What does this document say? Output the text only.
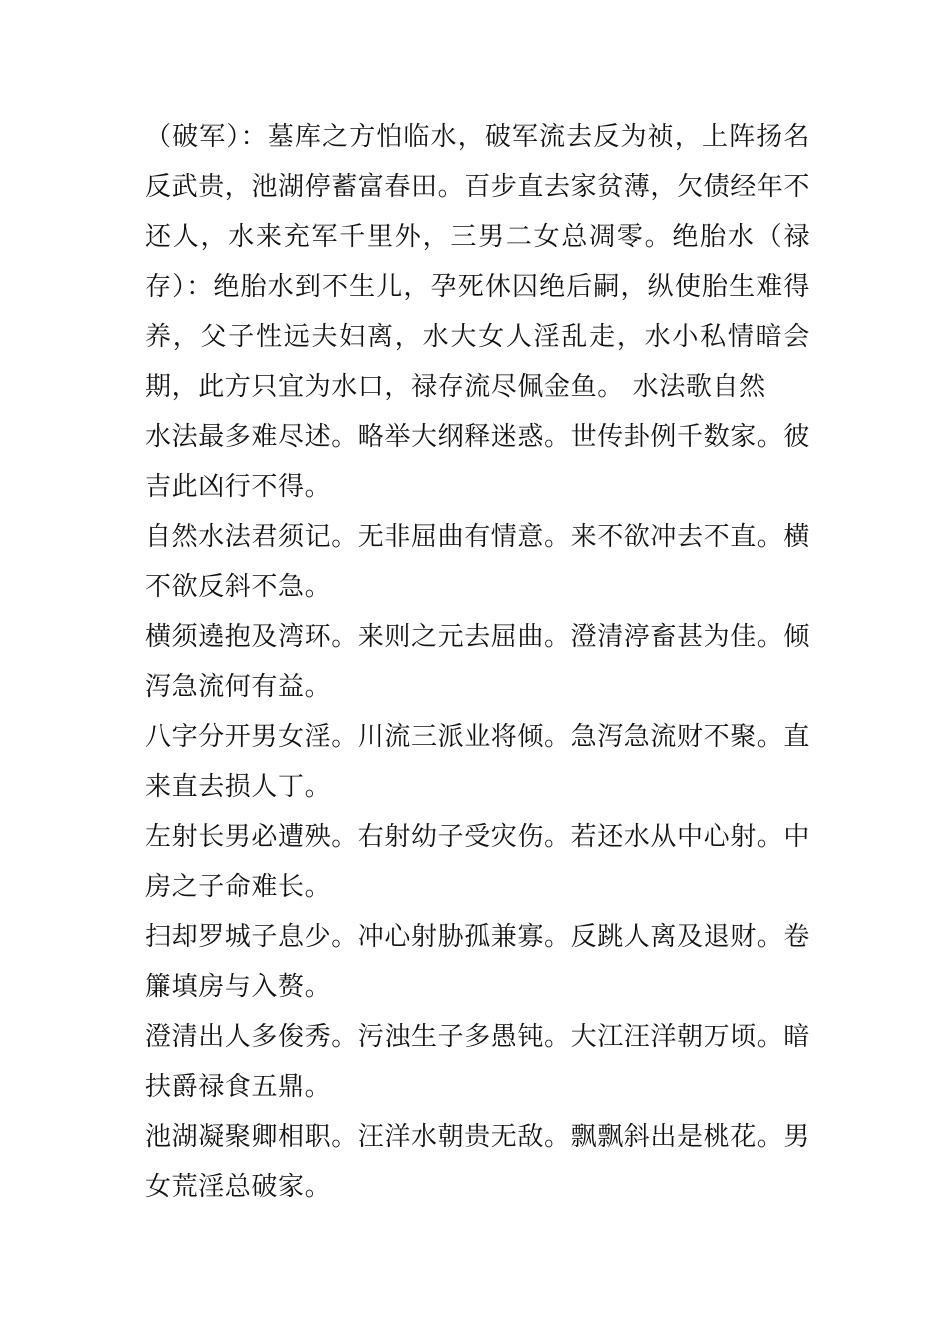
（破军）：墓库之方怕临水，破军流去反为祯，上阵扬名反武贵，池湖停蓄富春田。百步直去家贫薄，欠债经年不还人，水来充军千里外，三男二女总凋零。绝胎水（禄存）：绝胎水到不生儿，孕死休囚绝后嗣，纵使胎生难得养，父子性远夫妇离，水大女人淫乱走，水小私情暗会期，此方只宜为水口，禄存流尽佩金鱼。 水法歌自然

水法最多难尽述。略举大纲释迷惑。世传卦例千数家。彼吉此凶行不得。

自然水法君须记。无非屈曲有情意。来不欲冲去不直。横不欲反斜不急。

横须遶抱及湾环。来则之元去屈曲。澄清渟畜甚为佳。倾泻急流何有益。

八字分开男女淫。川流三派业将倾。急泻急流财不聚。直来直去损人丁。

左射长男必遭殃。右射幼子受灾伤。若还水从中心射。中房之子命难长。

扫却罗城子息少。冲心射胁孤兼寡。反跳人离及退财。卷簾填房与入赘。

澄清出人多俊秀。污浊生子多愚钝。大江汪洋朝万顷。暗扶爵禄食五鼎。

池湖凝聚卿相职。汪洋水朝贵无敌。飘飘斜出是桃花。男女荒淫总破家。
